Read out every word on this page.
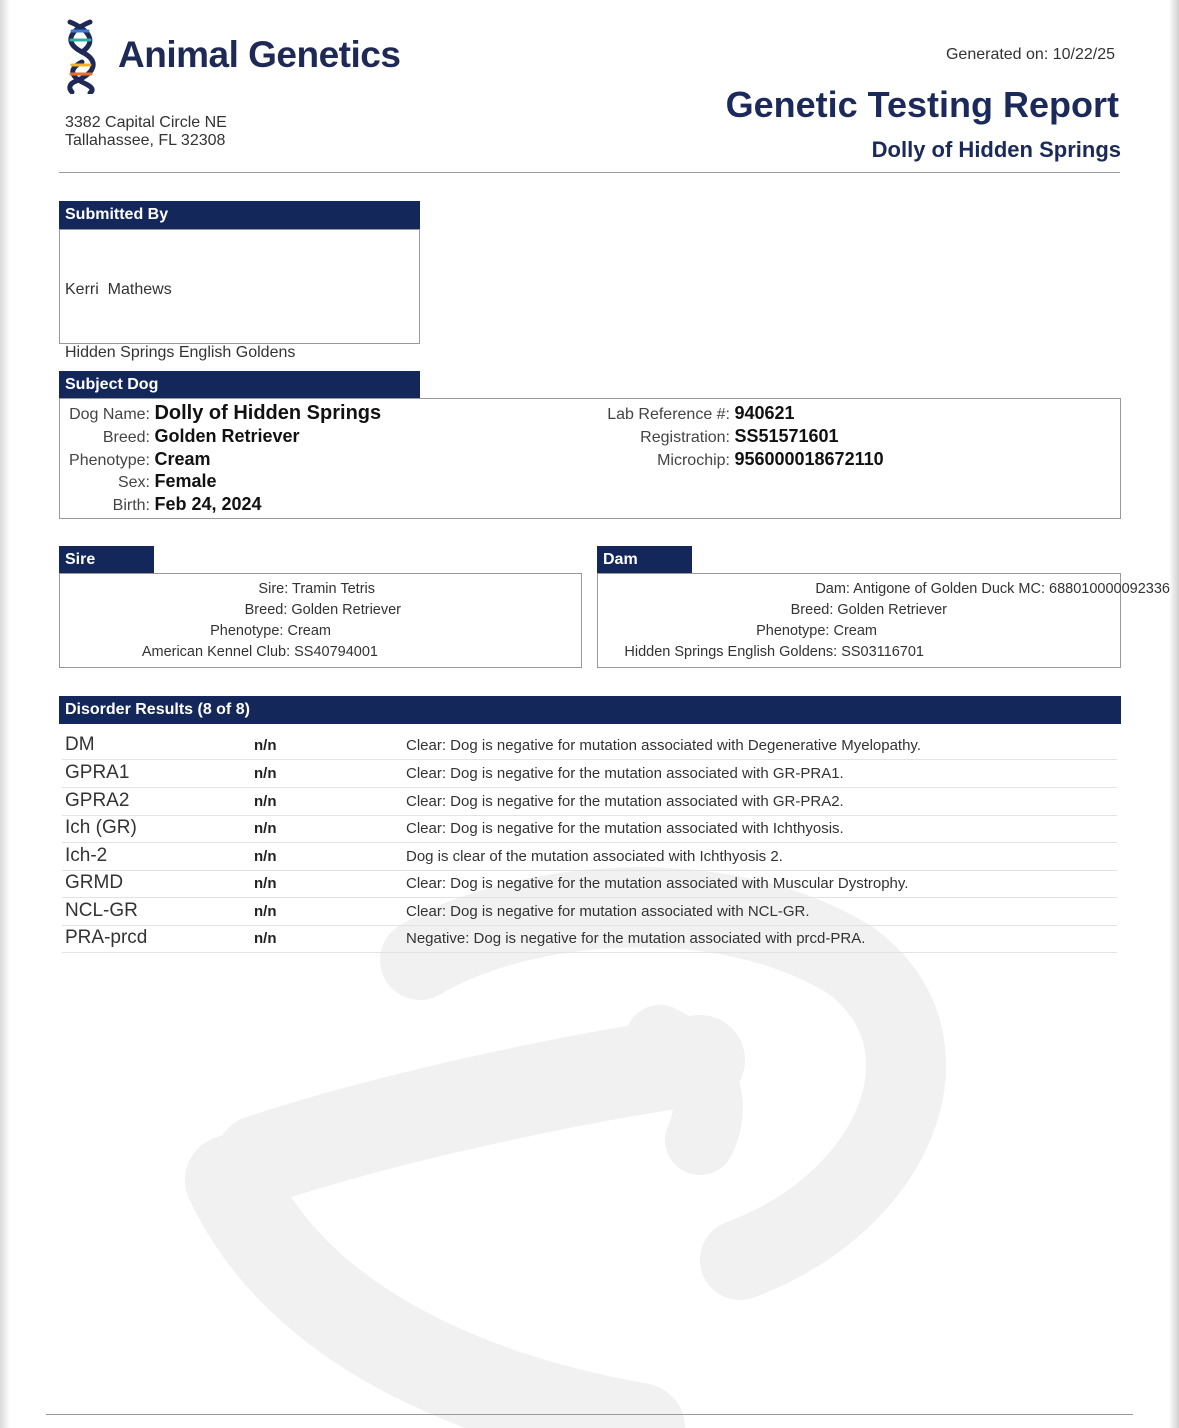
Animal Genetics
3382 Capital Circle NE
Tallahassee, FL 32308
Generated on: 10/22/25
Genetic Testing Report
Dolly of Hidden Springs
Submitted By

Kerri  Mathews

Hidden Springs English Goldens

Subject Dog
Dog Name: Dolly of Hidden Springs
Breed: Golden Retriever
Phenotype: Cream
Sex: Female
Birth: Feb 24, 2024
Lab Reference #: 940621
Registration: SS51571601
Microchip: 956000018672110
Sire
Sire: Tramin Tetris
Breed: Golden Retriever
Phenotype: Cream
American Kennel Club: SS40794001
Dam
Dam: Antigone of Golden Duck MC: 688010000092336
Breed: Golden Retriever
Phenotype: Cream
Hidden Springs English Goldens: SS03116701
Disorder Results (8 of 8)
DM	n/n	Clear: Dog is negative for mutation associated with Degenerative Myelopathy.
GPRA1	n/n	Clear: Dog is negative for the mutation associated with GR-PRA1.
GPRA2	n/n	Clear: Dog is negative for the mutation associated with GR-PRA2.
Ich (GR)	n/n	Clear: Dog is negative for the mutation associated with Ichthyosis.
Ich-2	n/n	Dog is clear of the mutation associated with Ichthyosis 2.
GRMD	n/n	Clear: Dog is negative for the mutation associated with Muscular Dystrophy.
NCL-GR	n/n	Clear: Dog is negative for mutation associated with NCL-GR.
PRA-prcd	n/n	Negative: Dog is negative for the mutation associated with prcd-PRA.
